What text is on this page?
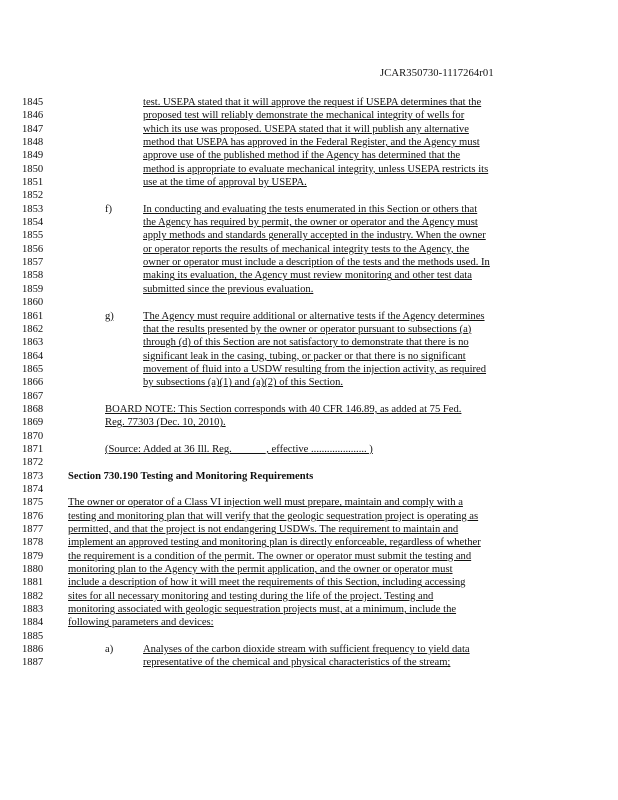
JCAR350730-1117264r01
1845	test. USEPA stated that it will approve the request if USEPA determines that the
1846	proposed test will reliably demonstrate the mechanical integrity of wells for
1847	which its use was proposed. USEPA stated that it will publish any alternative
1848	method that USEPA has approved in the Federal Register, and the Agency must
1849	approve use of the published method if the Agency has determined that the
1850	method is appropriate to evaluate mechanical integrity, unless USEPA restricts its
1851	use at the time of approval by USEPA.
1852
1853	f)	In conducting and evaluating the tests enumerated in this Section or others that
1854	the Agency has required by permit, the owner or operator and the Agency must
1855	apply methods and standards generally accepted in the industry. When the owner
1856	or operator reports the results of mechanical integrity tests to the Agency, the
1857	owner or operator must include a description of the tests and the methods used. In
1858	making its evaluation, the Agency must review monitoring and other test data
1859	submitted since the previous evaluation.
1860
1861	g)	The Agency must require additional or alternative tests if the Agency determines
1862	that the results presented by the owner or operator pursuant to subsections (a)
1863	through (d) of this Section are not satisfactory to demonstrate that there is no
1864	significant leak in the casing, tubing, or packer or that there is no significant
1865	movement of fluid into a USDW resulting from the injection activity, as required
1866	by subsections (a)(1) and (a)(2) of this Section.
1867
1868	BOARD NOTE: This Section corresponds with 40 CFR 146.89, as added at 75 Fed.
1869	Reg. 77303 (Dec. 10, 2010).
1870
1871	(Source: Added at 36 Ill. Reg. ______, effective ..................... )
1872
1873	Section 730.190 Testing and Monitoring Requirements
1874
1875	The owner or operator of a Class VI injection well must prepare, maintain and comply with a
1876	testing and monitoring plan that will verify that the geologic sequestration project is operating as
1877	permitted, and that the project is not endangering USDWs. The requirement to maintain and
1878	implement an approved testing and monitoring plan is directly enforceable, regardless of whether
1879	the requirement is a condition of the permit. The owner or operator must submit the testing and
1880	monitoring plan to the Agency with the permit application, and the owner or operator must
1881	include a description of how it will meet the requirements of this Section, including accessing
1882	sites for all necessary monitoring and testing during the life of the project. Testing and
1883	monitoring associated with geologic sequestration projects must, at a minimum, include the
1884	following parameters and devices:
1885
1886	a)	Analyses of the carbon dioxide stream with sufficient frequency to yield data
1887	representative of the chemical and physical characteristics of the stream;
